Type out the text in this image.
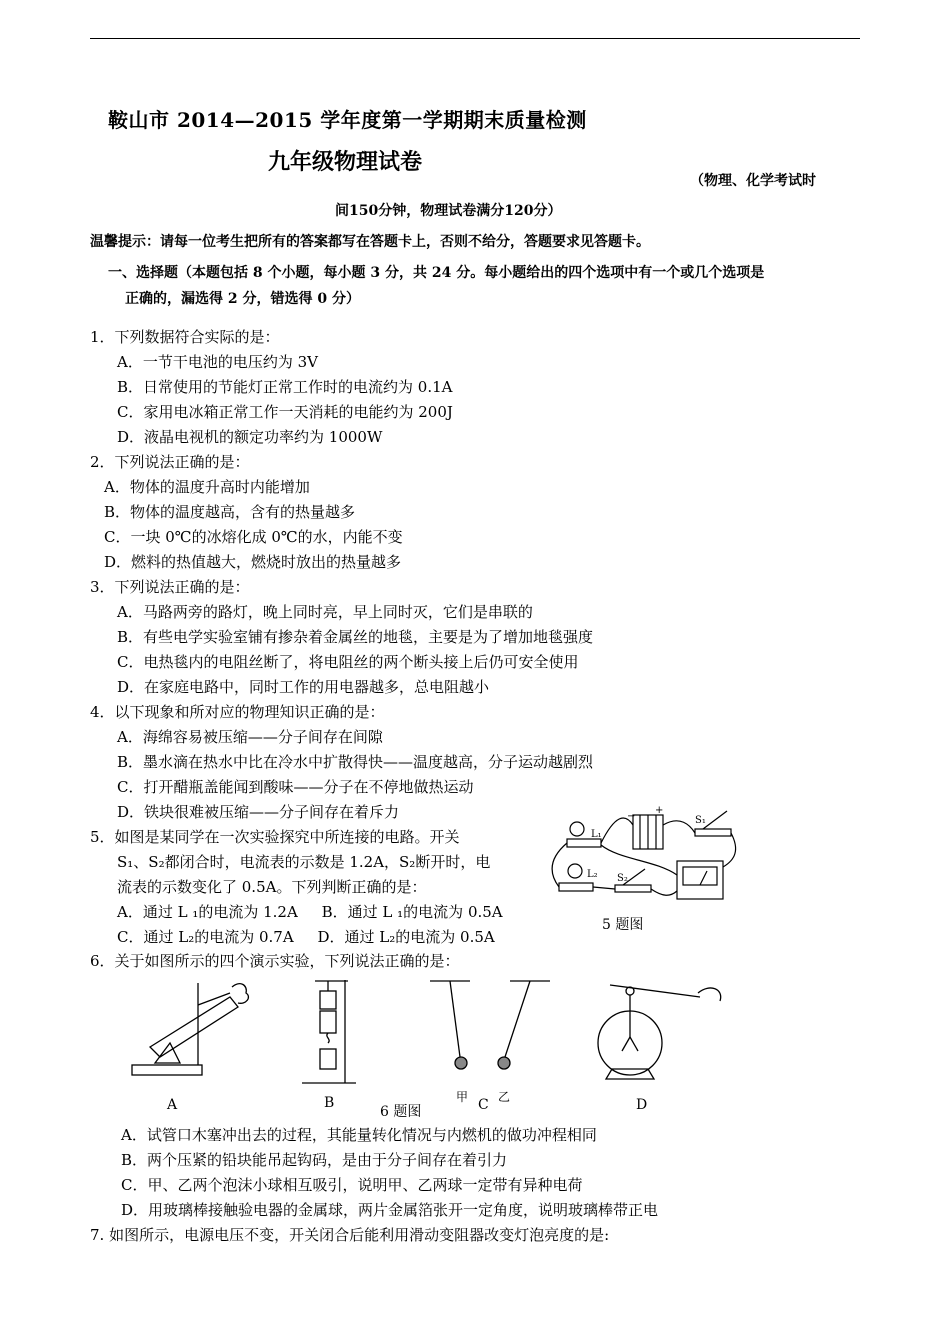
鞍山市 2014—2015 学年度第一学期期末质量检测
九年级物理试卷
（物理、化学考试时
间150分钟，物理试卷满分120分）
温馨提示：请每一位考生把所有的答案都写在答题卡上，否则不给分，答题要求见答题卡。
一、选择题（本题包括 8 个小题，每小题 3 分，共 24 分。每小题给出的四个选项中有一个或几个选项是
正确的，漏选得 2 分，错选得 0 分）
1．下列数据符合实际的是：
A．一节干电池的电压约为 3V
B．日常使用的节能灯正常工作时的电流约为 0.1A
C．家用电冰箱正常工作一天消耗的电能约为 200J
D．液晶电视机的额定功率约为 1000W
2．下列说法正确的是：
A．物体的温度升高时内能增加
B．物体的温度越高，含有的热量越多
C．一块 0℃的冰熔化成 0℃的水，内能不变
D．燃料的热值越大，燃烧时放出的热量越多
3．下列说法正确的是：
A．马路两旁的路灯，晚上同时亮，早上同时灭，它们是串联的
B．有些电学实验室铺有掺杂着金属丝的地毯，主要是为了增加地毯强度
C．电热毯内的电阻丝断了，将电阻丝的两个断头接上后仍可安全使用
D．在家庭电路中，同时工作的用电器越多，总电阻越小
4．以下现象和所对应的物理知识正确的是：
A．海绵容易被压缩——分子间存在间隙
B．墨水滴在热水中比在冷水中扩散得快——温度越高，分子运动越剧烈
C．打开醋瓶盖能闻到酸味——分子在不停地做热运动
D．铁块很难被压缩——分子间存在着斥力
5．如图是某同学在一次实验探究中所连接的电路。开关
S₁、S₂都闭合时，电流表的示数是 1.2A，S₂断开时，电
流表的示数变化了 0.5A。下列判断正确的是：
A．通过 L ₁的电流为 1.2A     B．通过 L ₁的电流为 0.5A
C．通过 L₂的电流为 0.7A     D．通过 L₂的电流为 0.5A
−
+
S₁
L₁
L₂ S₂
5 题图
6．关于如图所示的四个演示实验，下列说法正确的是：
A	B	甲 乙
C	D
6 题图
A．试管口木塞冲出去的过程，其能量转化情况与内燃机的做功冲程相同
B．两个压紧的铅块能吊起钩码，是由于分子间存在着引力
C．甲、乙两个泡沫小球相互吸引，说明甲、乙两球一定带有异种电荷
D．用玻璃棒接触验电器的金属球，两片金属箔张开一定角度，说明玻璃棒带正电
7. 如图所示，电源电压不变，开关闭合后能利用滑动变阻器改变灯泡亮度的是:
